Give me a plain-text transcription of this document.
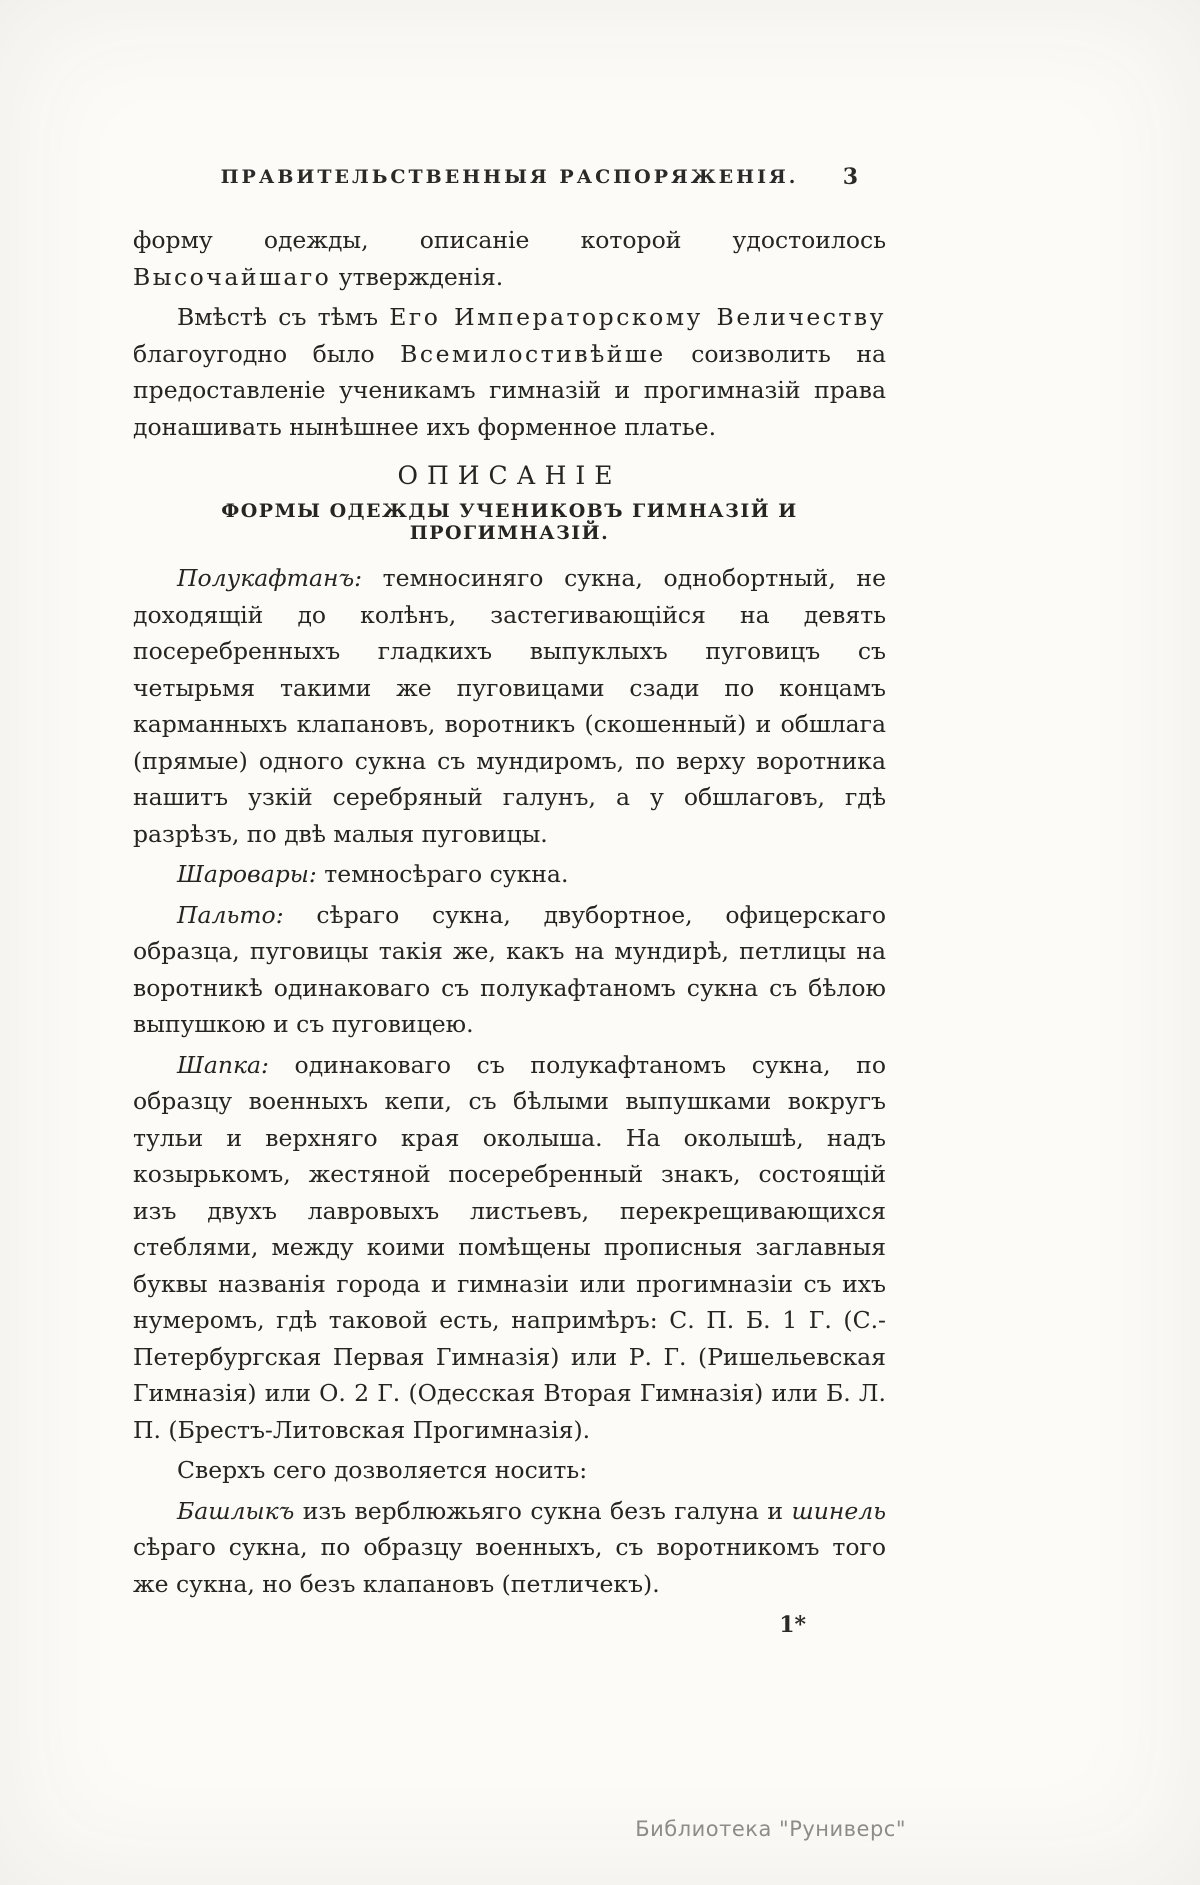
ПРАВИТЕЛЬСТВЕННЫЯ РАСПОРЯЖЕНІЯ.	3

форму одежды, описаніе которой удостоилось Высочайшаго утвержденія.

Вмѣстѣ съ тѣмъ Его Императорскому Величеству благоугодно было Всемилостивѣйше соизволить на предоставленіе ученикамъ гимназій и прогимназій права донашивать нынѣшнее ихъ форменное платье.

ОПИСАНІЕ
ФОРМЫ ОДЕЖДЫ УЧЕНИКОВЪ ГИМНАЗІЙ И ПРОГИМНАЗІЙ.

Полукафтанъ: темносиняго сукна, однобортный, не доходящій до колѣнъ, застегивающійся на девять посеребренныхъ гладкихъ выпуклыхъ пуговицъ съ четырьмя такими же пуговицами сзади по концамъ карманныхъ клапановъ, воротникъ (скошенный) и обшлага (прямые) одного сукна съ мундиромъ, по верху воротника нашитъ узкій серебряный галунъ, а у обшлаговъ, гдѣ разрѣзъ, по двѣ малыя пуговицы.

Шаровары: темносѣраго сукна.

Пальто: сѣраго сукна, двубортное, офицерскаго образца, пуговицы такія же, какъ на мундирѣ, петлицы на воротникѣ одинаковаго съ полукафтаномъ сукна съ бѣлою выпушкою и съ пуговицею.

Шапка: одинаковаго съ полукафтаномъ сукна, по образцу военныхъ кепи, съ бѣлыми выпушками вокругъ тульи и верхняго края околыша. На околышѣ, надъ козырькомъ, жестяной посеребренный знакъ, состоящій изъ двухъ лавровыхъ листьевъ, перекрещивающихся стеблями, между коими помѣщены прописныя заглавныя буквы названія города и гимназіи или прогимназіи съ ихъ нумеромъ, гдѣ таковой есть, напримѣръ: С. П. Б. 1 Г. (С.-Петербургская Первая Гимназія) или Р. Г. (Ришельевская Гимназія) или О. 2 Г. (Одесская Вторая Гимназія) или Б. Л. П. (Брестъ-Литовская Прогимназія).

Сверхъ сего дозволяется носить:

Башлыкъ изъ верблюжьяго сукна безъ галуна и шинель сѣраго сукна, по образцу военныхъ, съ воротникомъ того же сукна, но безъ клапановъ (петличекъ).

1*
Библиотека "Руниверс"
